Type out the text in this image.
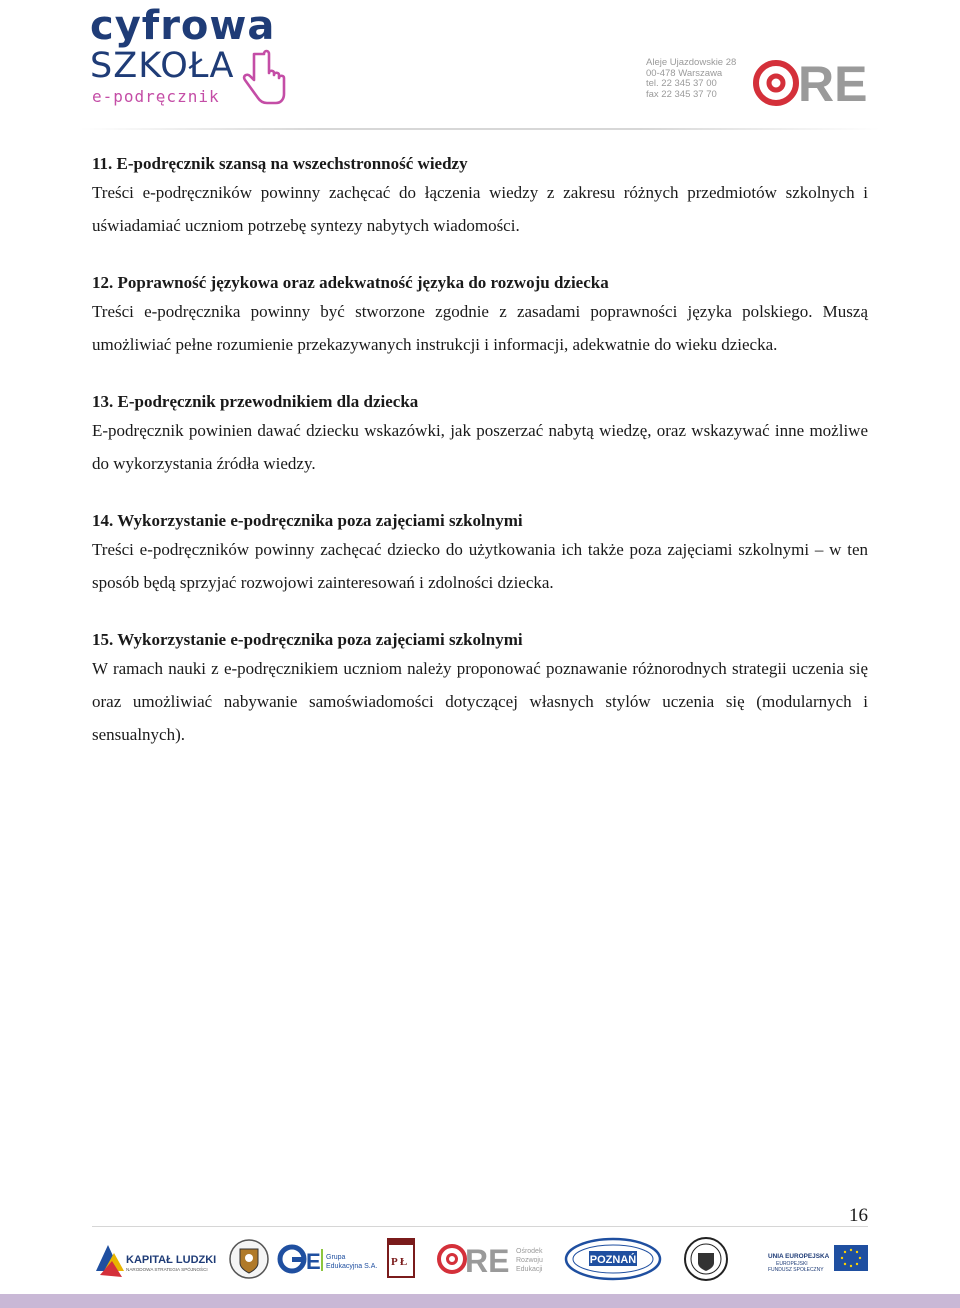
cyfrowa
SZKOŁA
e-podręcznik
Aleje Ujazdowskie 28
00-478 Warszawa
tel. 22 345 37 00
fax 22 345 37 70	RE
11. E-podręcznik szansą na wszechstronność wiedzy

Treści e-podręczników powinny zachęcać do łączenia wiedzy z zakresu różnych przedmiotów szkolnych i uświadamiać uczniom potrzebę syntezy nabytych wiadomości.

12. Poprawność językowa oraz adekwatność języka do rozwoju dziecka

Treści e-podręcznika powinny być stworzone zgodnie z zasadami poprawności języka polskiego. Muszą umożliwiać pełne rozumienie przekazywanych instrukcji i informacji, adekwatnie do wieku dziecka.

13. E-podręcznik przewodnikiem dla dziecka

E-podręcznik powinien dawać dziecku wskazówki, jak poszerzać nabytą wiedzę, oraz wskazywać inne możliwe do wykorzystania źródła wiedzy.

14. Wykorzystanie e-podręcznika poza zajęciami szkolnymi

Treści e-podręczników powinny zachęcać dziecko do użytkowania ich także poza zajęciami szkolnymi – w ten sposób będą sprzyjać rozwojowi zainteresowań i zdolności dziecka.

15. Wykorzystanie e-podręcznika poza zajęciami szkolnymi

W ramach nauki z e-podręcznikiem uczniom należy proponować poznawanie różnorodnych strategii uczenia się oraz umożliwiać nabywanie samoświadomości dotyczącej własnych stylów uczenia się (modularnych i sensualnych).

16
KAPITAŁ LUDZKI
NARODOWA STRATEGIA SPÓJNOŚCI	E Grupa
Edukacyjna S.A. P Ł RE Ośrodek
Rozwoju
Edukacji
POZNAŃ	UNIA EUROPEJSKA
EUROPEJSKI
FUNDUSZ SPOŁECZNY
